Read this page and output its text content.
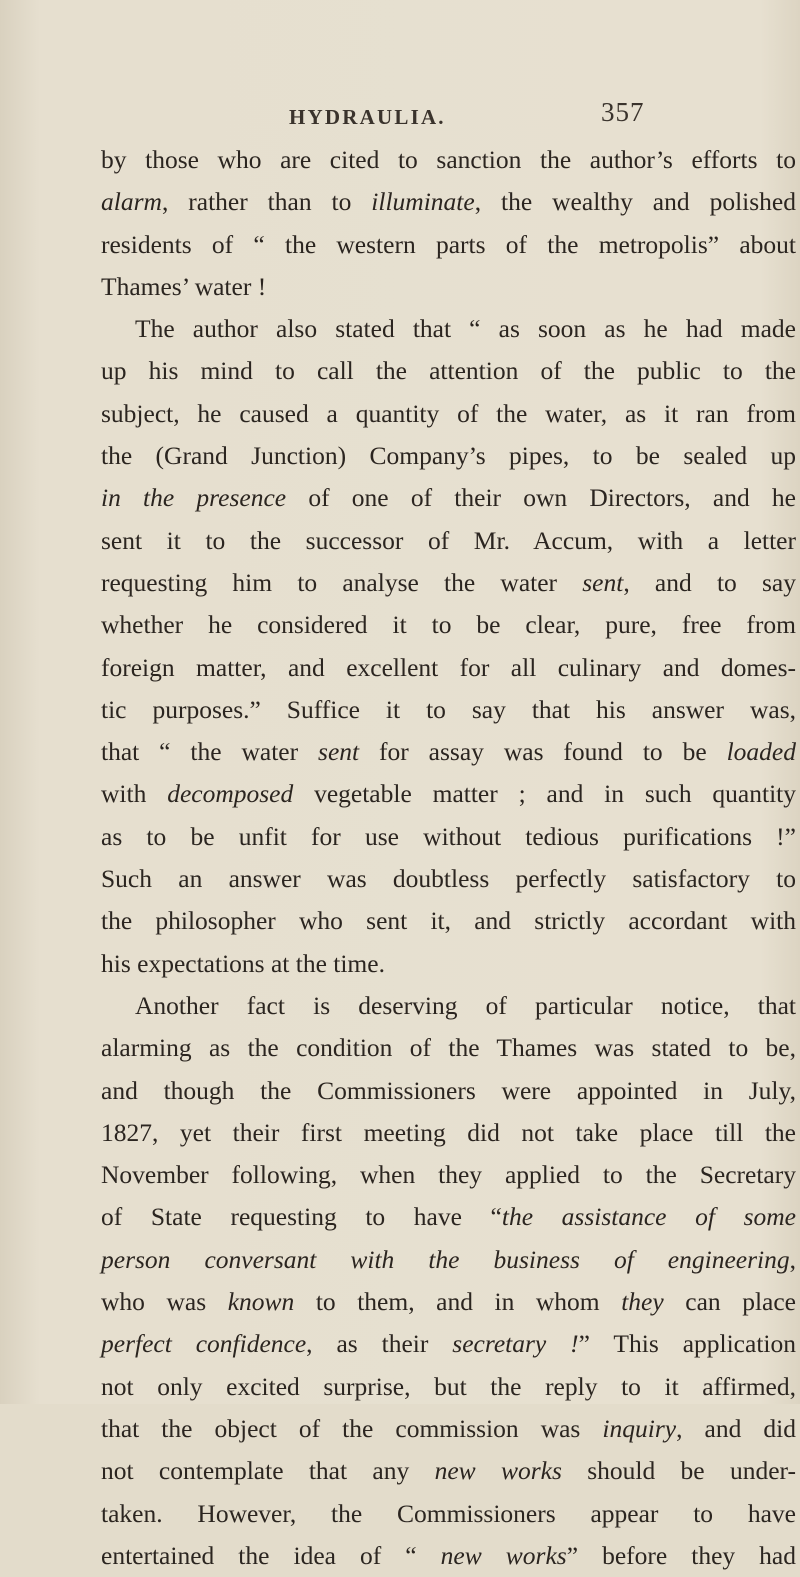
HYDRAULIA.	357
by those who are cited to sanction the author’s efforts to
alarm, rather than to illuminate, the wealthy and polished
residents of “ the western parts of the metropolis” about
Thames’ water !
The author also stated that “ as soon as he had made
up his mind to call the attention of the public to the
subject, he caused a quantity of the water, as it ran from
the (Grand Junction) Company’s pipes, to be sealed up
in the presence of one of their own Directors, and he
sent it to the successor of Mr. Accum, with a letter
requesting him to analyse the water sent, and to say
whether he considered it to be clear, pure, free from
foreign matter, and excellent for all culinary and domes-
tic purposes.” Suffice it to say that his answer was,
that “ the water sent for assay was found to be loaded
with decomposed vegetable matter ; and in such quantity
as to be unfit for use without tedious purifications !”
Such an answer was doubtless perfectly satisfactory to
the philosopher who sent it, and strictly accordant with
his expectations at the time.
Another fact is deserving of particular notice, that
alarming as the condition of the Thames was stated to be,
and though the Commissioners were appointed in July,
1827, yet their first meeting did not take place till the
November following, when they applied to the Secretary
of State requesting to have “the assistance of some
person conversant with the business of engineering,
who was known to them, and in whom they can place
perfect confidence, as their secretary !” This application
not only excited surprise, but the reply to it affirmed,
that the object of the commission was inquiry, and did
not contemplate that any new works should be under-
taken. However, the Commissioners appear to have
entertained the idea of “ new works” before they had
